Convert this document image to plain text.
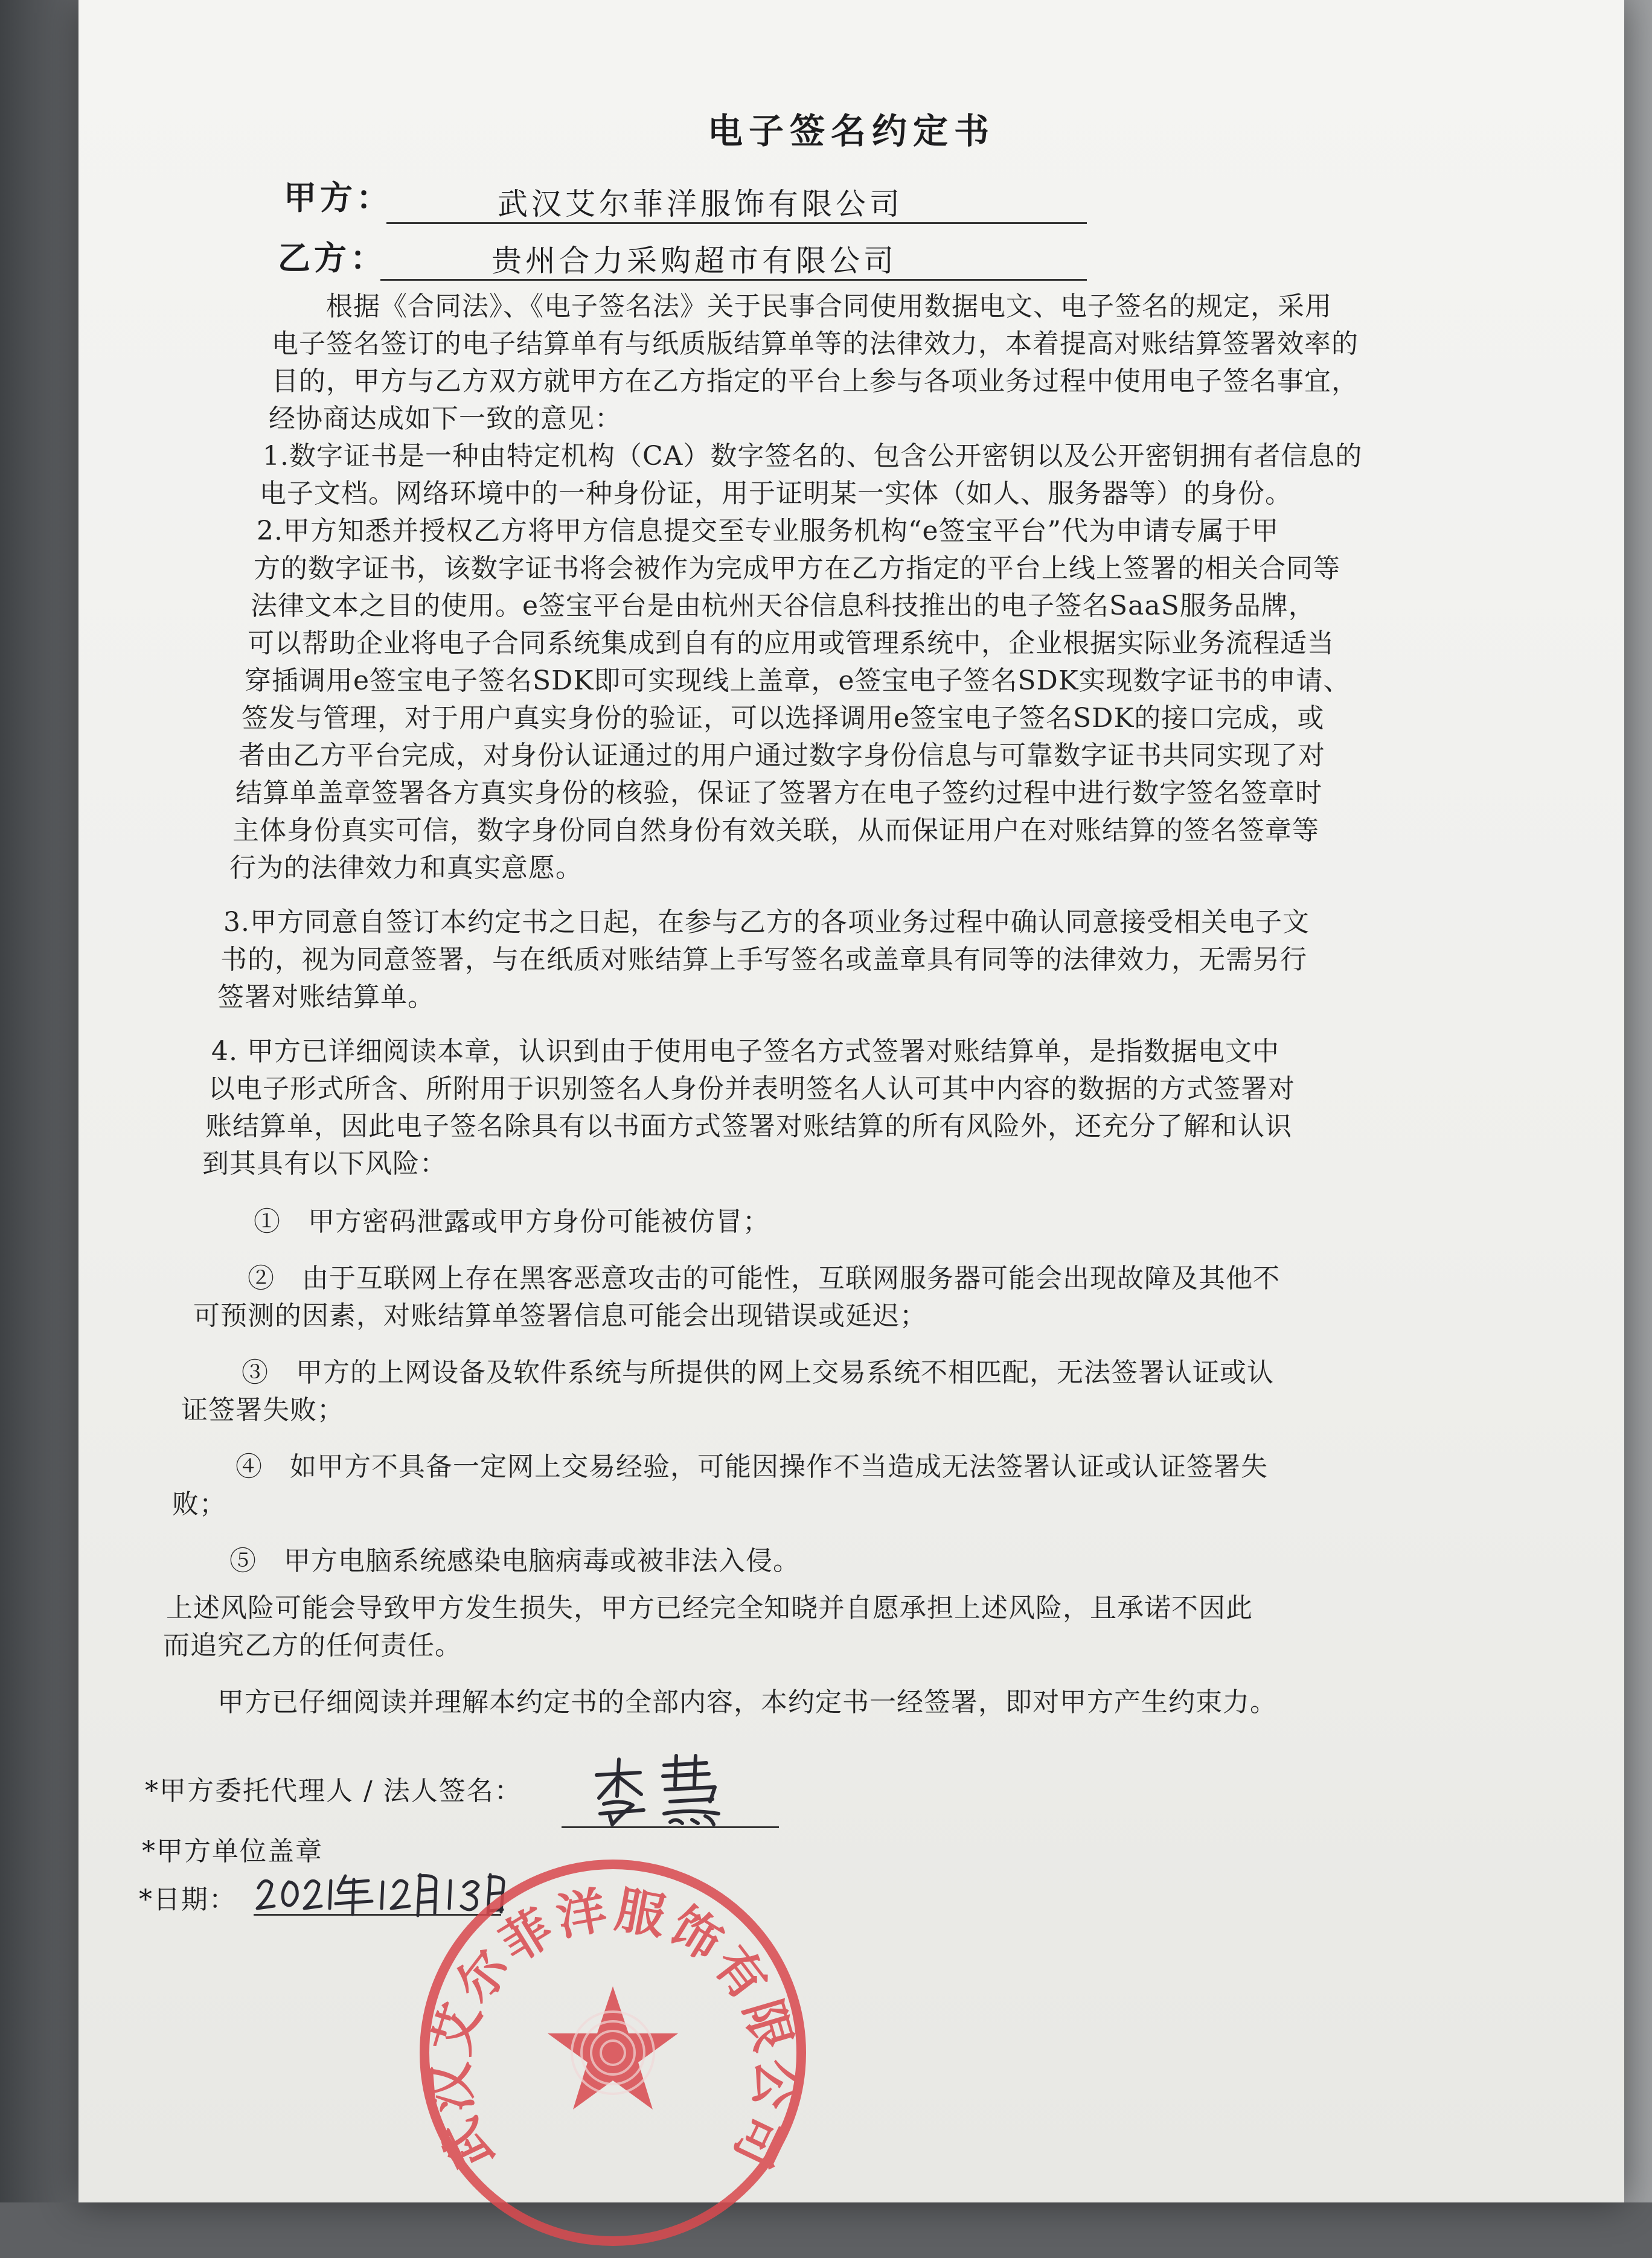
电子签名约定书
甲方：	武汉艾尔菲洋服饰有限公司
乙方：	贵州合力采购超市有限公司
根据《合同法》、《电子签名法》关于民事合同使用数据电文、电子签名的规定，采用
电子签名签订的电子结算单有与纸质版结算单等的法律效力，本着提高对账结算签署效率的
目的，甲方与乙方双方就甲方在乙方指定的平台上参与各项业务过程中使用电子签名事宜，
经协商达成如下一致的意见：
1.数字证书是一种由特定机构（CA）数字签名的、包含公开密钥以及公开密钥拥有者信息的
电子文档。网络环境中的一种身份证，用于证明某一实体（如人、服务器等）的身份。
2.甲方知悉并授权乙方将甲方信息提交至专业服务机构“e签宝平台”代为申请专属于甲
方的数字证书，该数字证书将会被作为完成甲方在乙方指定的平台上线上签署的相关合同等
法律文本之目的使用。e签宝平台是由杭州天谷信息科技推出的电子签名SaaS服务品牌，
可以帮助企业将电子合同系统集成到自有的应用或管理系统中，企业根据实际业务流程适当
穿插调用e签宝电子签名SDK即可实现线上盖章，e签宝电子签名SDK实现数字证书的申请、
签发与管理，对于用户真实身份的验证，可以选择调用e签宝电子签名SDK的接口完成，或
者由乙方平台完成，对身份认证通过的用户通过数字身份信息与可靠数字证书共同实现了对
结算单盖章签署各方真实身份的核验，保证了签署方在电子签约过程中进行数字签名签章时
主体身份真实可信，数字身份同自然身份有效关联，从而保证用户在对账结算的签名签章等
行为的法律效力和真实意愿。
3.甲方同意自签订本约定书之日起，在参与乙方的各项业务过程中确认同意接受相关电子文
书的，视为同意签署，与在纸质对账结算上手写签名或盖章具有同等的法律效力，无需另行
签署对账结算单。
4. 甲方已详细阅读本章，认识到由于使用电子签名方式签署对账结算单，是指数据电文中
以电子形式所含、所附用于识别签名人身份并表明签名人认可其中内容的数据的方式签署对
账结算单，因此电子签名除具有以书面方式签署对账结算的所有风险外，还充分了解和认识
到其具有以下风险：
①　甲方密码泄露或甲方身份可能被仿冒；
②　由于互联网上存在黑客恶意攻击的可能性，互联网服务器可能会出现故障及其他不
可预测的因素，对账结算单签署信息可能会出现错误或延迟；
③　甲方的上网设备及软件系统与所提供的网上交易系统不相匹配，无法签署认证或认
证签署失败；
④　如甲方不具备一定网上交易经验，可能因操作不当造成无法签署认证或认证签署失
败；
⑤　甲方电脑系统感染电脑病毒或被非法入侵。
上述风险可能会导致甲方发生损失，甲方已经完全知晓并自愿承担上述风险，且承诺不因此
而追究乙方的任何责任。
甲方已仔细阅读并理解本约定书的全部内容，本约定书一经签署，即对甲方产生约束力。
*甲方委托代理人 / 法人签名：
*甲方单位盖章
*日期：
武汉艾尔菲洋服饰有限公司
